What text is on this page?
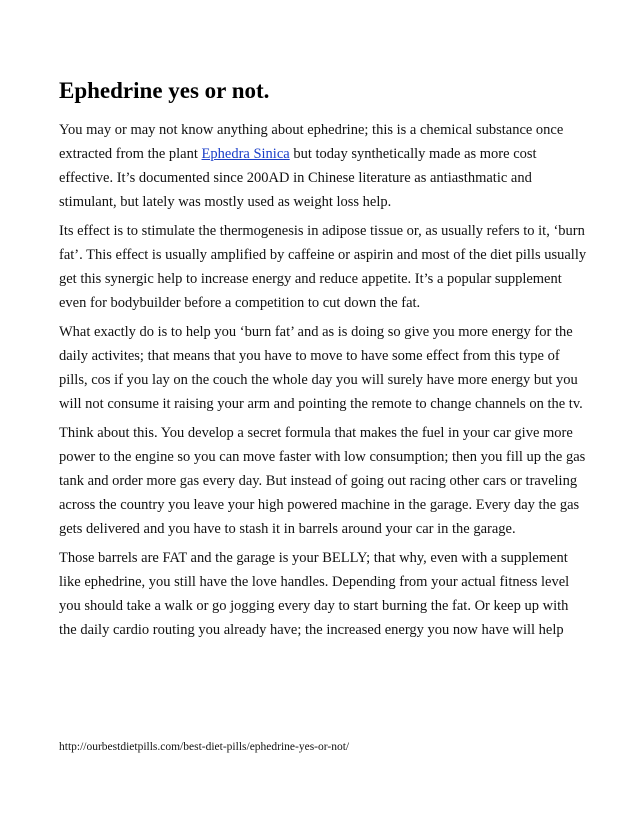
Ephedrine yes or not.

You may or may not know anything about ephedrine; this is a chemical substance once extracted from the plant Ephedra Sinica but today synthetically made as more cost effective. It’s documented since 200AD in Chinese literature as antiasthmatic and stimulant, but lately was mostly used as weight loss help.

Its effect is to stimulate the thermogenesis in adipose tissue or, as usually refers to it, ‘burn fat’. This effect is usually amplified by caffeine or aspirin and most of the diet pills usually get this synergic help to increase energy and reduce appetite. It’s a popular supplement even for bodybuilder before a competition to cut down the fat.

What exactly do is to help you ‘burn fat’ and as is doing so give you more energy for the daily activites; that means that you have to move to have some effect from this type of pills, cos if you lay on the couch the whole day you will surely have more energy but you will not consume it raising your arm and pointing the remote to change channels on the tv.

Think about this. You develop a secret formula that makes the fuel in your car give more power to the engine so you can move faster with low consumption; then you fill up the gas tank and order more gas every day. But instead of going out racing other cars or traveling across the country you leave your high powered machine in the garage. Every day the gas gets delivered and you have to stash it in barrels around your car in the garage.

Those barrels are FAT and the garage is your BELLY; that why, even with a supplement like ephedrine, you still have the love handles. Depending from your actual fitness level you should take a walk or go jogging every day to start burning the fat. Or keep up with the daily cardio routing you already have; the increased energy you now have will help

http://ourbestdietpills.com/best-diet-pills/ephedrine-yes-or-not/
